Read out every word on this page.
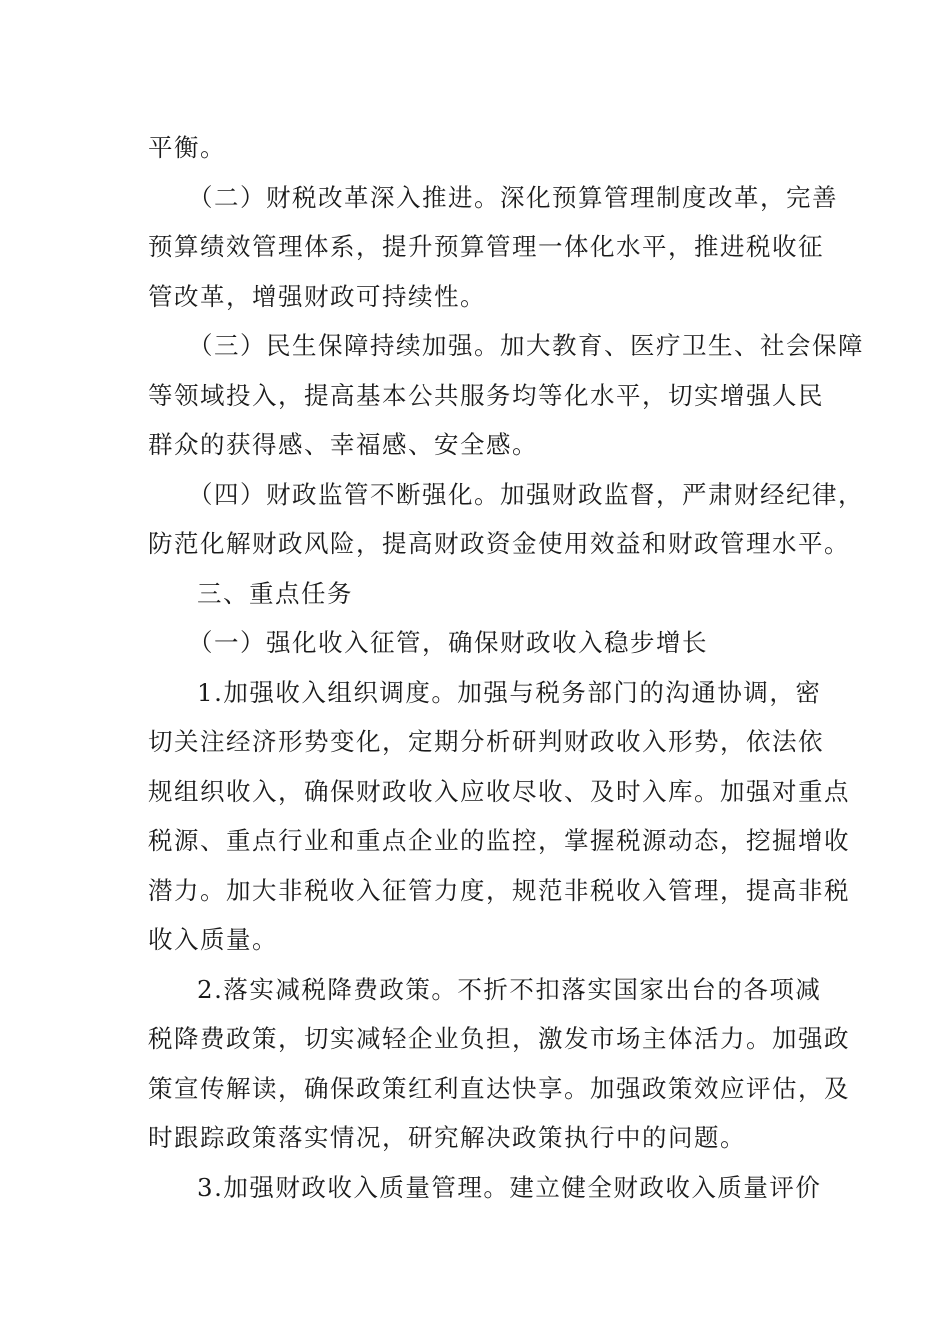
平衡。
（二）财税改革深入推进。深化预算管理制度改革，完善
预算绩效管理体系，提升预算管理一体化水平，推进税收征
管改革，增强财政可持续性。
（三）民生保障持续加强。加大教育、医疗卫生、社会保障
等领域投入，提高基本公共服务均等化水平，切实增强人民
群众的获得感、幸福感、安全感。
（四）财政监管不断强化。加强财政监督，严肃财经纪律，
防范化解财政风险，提高财政资金使用效益和财政管理水平。
三、重点任务
（一）强化收入征管，确保财政收入稳步增长
1.加强收入组织调度。加强与税务部门的沟通协调，密
切关注经济形势变化，定期分析研判财政收入形势，依法依
规组织收入，确保财政收入应收尽收、及时入库。加强对重点
税源、重点行业和重点企业的监控，掌握税源动态，挖掘增收
潜力。加大非税收入征管力度，规范非税收入管理，提高非税
收入质量。
2.落实减税降费政策。不折不扣落实国家出台的各项减
税降费政策，切实减轻企业负担，激发市场主体活力。加强政
策宣传解读，确保政策红利直达快享。加强政策效应评估，及
时跟踪政策落实情况，研究解决政策执行中的问题。
3.加强财政收入质量管理。建立健全财政收入质量评价
